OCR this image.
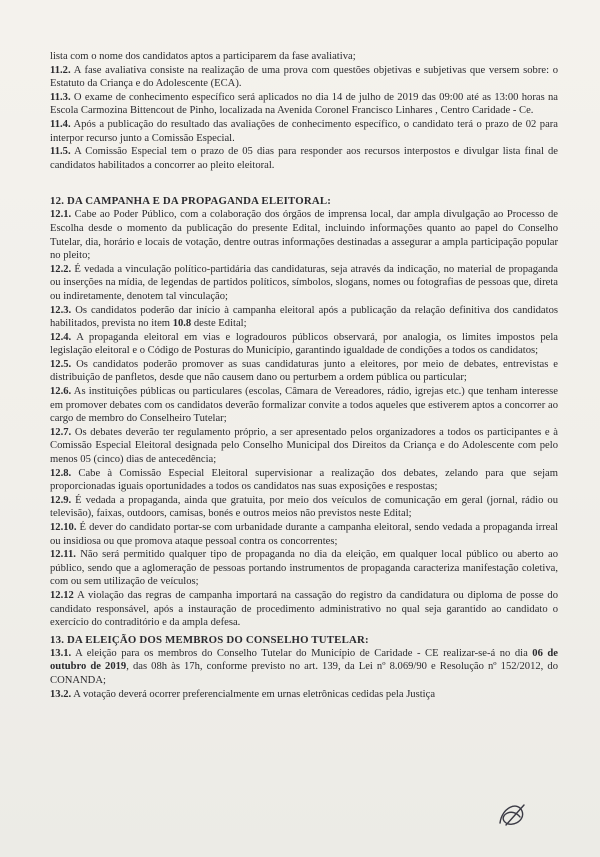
lista com o nome dos candidatos aptos a participarem da fase avaliativa;

11.2. A fase avaliativa consiste na realização de uma prova com questões objetivas e subjetivas que versem sobre: o Estatuto da Criança e do Adolescente (ECA).

11.3. O exame de conhecimento específico será aplicados no dia 14 de julho de 2019 das 09:00 até as 13:00 horas na Escola Carmozina Bittencout de Pinho, localizada na Avenida Coronel Francisco Linhares , Centro Caridade - Ce.

11.4. Após a publicação do resultado das avaliações de conhecimento específico, o candidato terá o prazo de 02 para interpor recurso junto a Comissão Especial.

11.5. A Comissão Especial tem o prazo de 05 dias para responder aos recursos interpostos e divulgar lista final de candidatos habilitados a concorrer ao pleito eleitoral.

12. DA CAMPANHA E DA PROPAGANDA ELEITORAL:

12.1. Cabe ao Poder Público, com a colaboração dos órgãos de imprensa local, dar ampla divulgação ao Processo de Escolha desde o momento da publicação do presente Edital, incluindo informações quanto ao papel do Conselho Tutelar, dia, horário e locais de votação, dentre outras informações destinadas a assegurar a ampla participação popular no pleito;

12.2. É vedada a vinculação político-partidária das candidaturas, seja através da indicação, no material de propaganda ou inserções na mídia, de legendas de partidos políticos, símbolos, slogans, nomes ou fotografias de pessoas que, direta ou indiretamente, denotem tal vinculação;

12.3. Os candidatos poderão dar início à campanha eleitoral após a publicação da relação definitiva dos candidatos habilitados, prevista no item 10.8 deste Edital;

12.4. A propaganda eleitoral em vias e logradouros públicos observará, por analogia, os limites impostos pela legislação eleitoral e o Código de Posturas do Município, garantindo igualdade de condições a todos os candidatos;

12.5. Os candidatos poderão promover as suas candidaturas junto a eleitores, por meio de debates, entrevistas e distribuição de panfletos, desde que não causem dano ou perturbem a ordem pública ou particular;

12.6. As instituições públicas ou particulares (escolas, Câmara de Vereadores, rádio, igrejas etc.) que tenham interesse em promover debates com os candidatos deverão formalizar convite a todos aqueles que estiverem aptos a concorrer ao cargo de membro do Conselheiro Tutelar;

12.7. Os debates deverão ter regulamento próprio, a ser apresentado pelos organizadores a todos os participantes e à Comissão Especial Eleitoral designada pelo Conselho Municipal dos Direitos da Criança e do Adolescente com pelo menos 05 (cinco) dias de antecedência;

12.8. Cabe à Comissão Especial Eleitoral supervisionar a realização dos debates, zelando para que sejam proporcionadas iguais oportunidades a todos os candidatos nas suas exposições e respostas;

12.9. É vedada a propaganda, ainda que gratuita, por meio dos veículos de comunicação em geral (jornal, rádio ou televisão), faixas, outdoors, camisas, bonés e outros meios não previstos neste Edital;

12.10. É dever do candidato portar-se com urbanidade durante a campanha eleitoral, sendo vedada a propaganda irreal ou insidiosa ou que promova ataque pessoal contra os concorrentes;

12.11. Não será permitido qualquer tipo de propaganda no dia da eleição, em qualquer local público ou aberto ao público, sendo que a aglomeração de pessoas portando instrumentos de propaganda caracteriza manifestação coletiva, com ou sem utilização de veículos;

12.12 A violação das regras de campanha importará na cassação do registro da candidatura ou diploma de posse do candidato responsável, após a instauração de procedimento administrativo no qual seja garantido ao candidato o exercício do contraditório e da ampla defesa.

13. DA ELEIÇÃO DOS MEMBROS DO CONSELHO TUTELAR:

13.1. A eleição para os membros do Conselho Tutelar do Município de Caridade - CE realizar-se-á no dia 06 de outubro de 2019, das 08h às 17h, conforme previsto no art. 139, da Lei nº 8.069/90 e Resolução nº 152/2012, do CONANDA;

13.2. A votação deverá ocorrer preferencialmente em urnas eletrônicas cedidas pela Justiça
